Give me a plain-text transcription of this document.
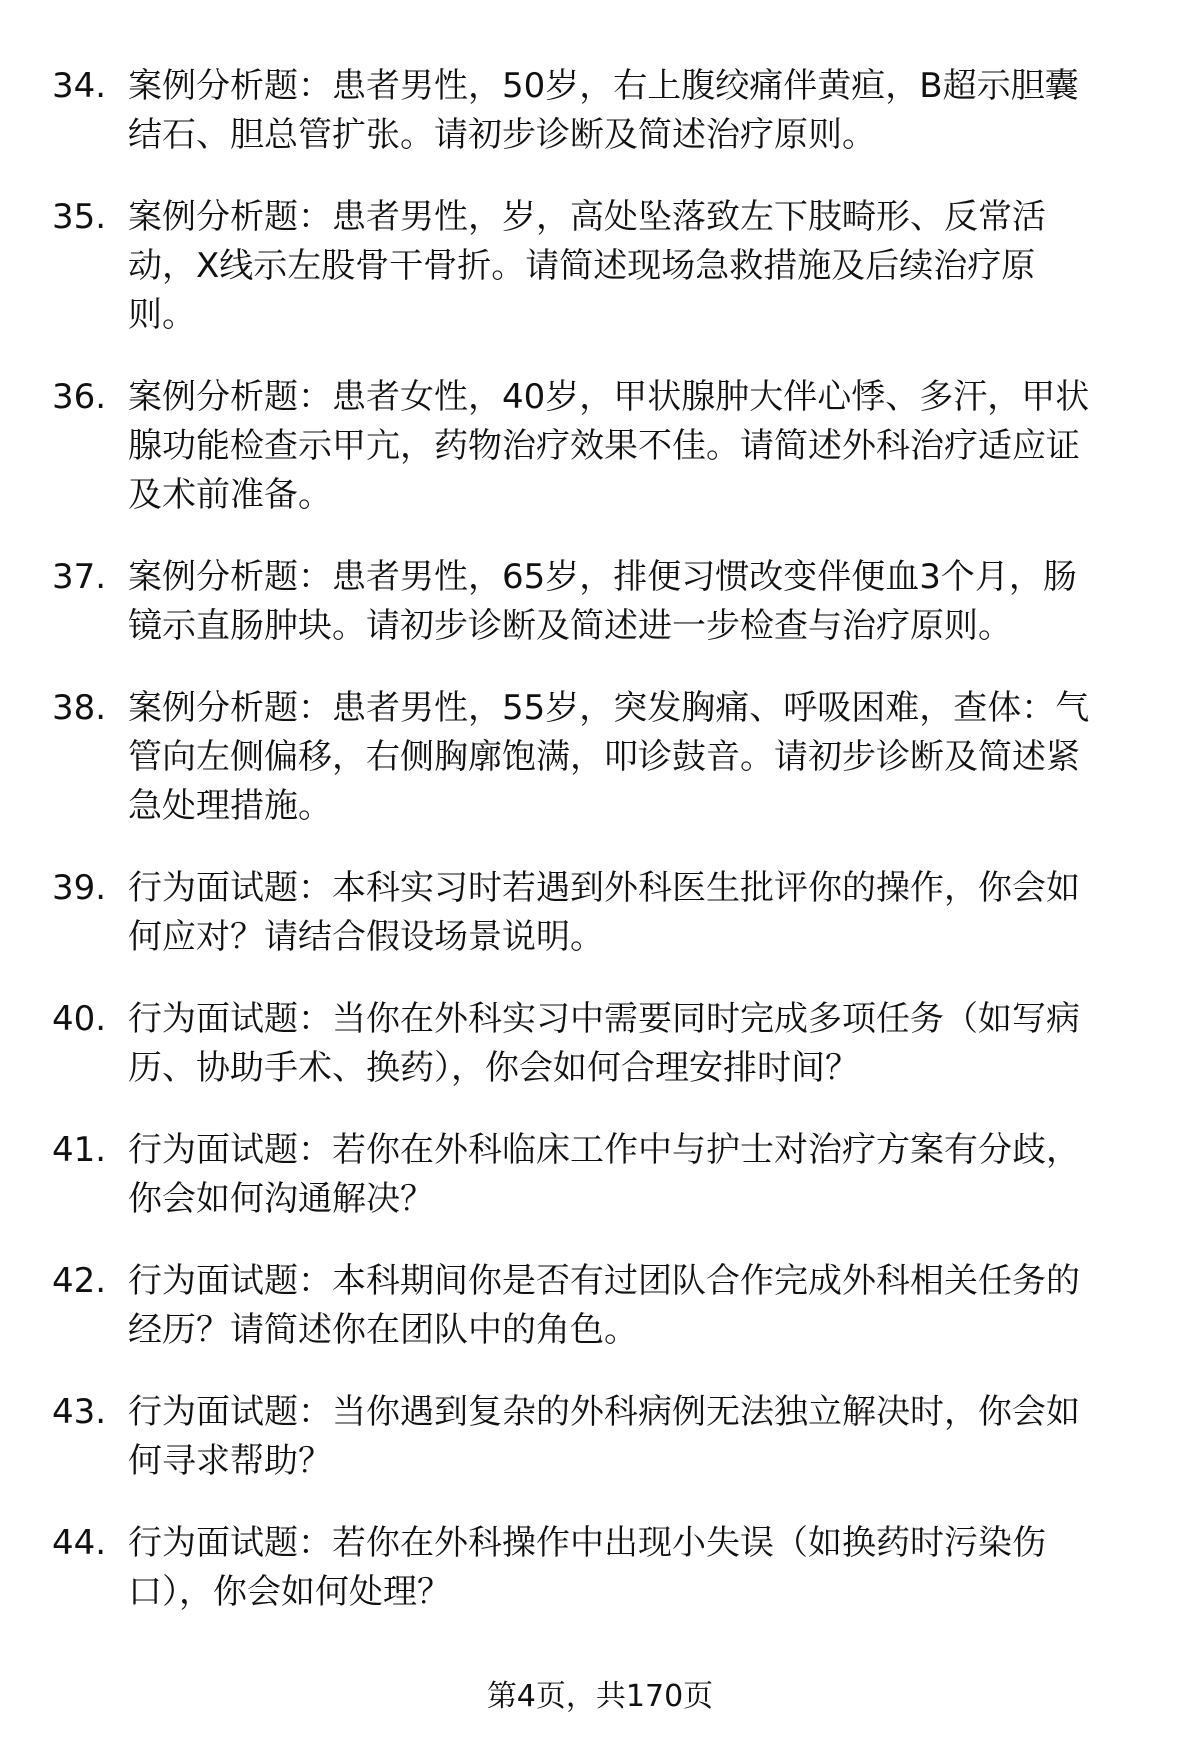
34. 案例分析题：患者男性，50岁，右上腹绞痛伴黄疸，B超示胆囊
结石、胆总管扩张。请初步诊断及简述治疗原则。
35. 案例分析题：患者男性，岁，高处坠落致左下肢畸形、反常活
动，X线示左股骨干骨折。请简述现场急救措施及后续治疗原
则。
36. 案例分析题：患者女性，40岁，甲状腺肿大伴心悸、多汗，甲状
腺功能检查示甲亢，药物治疗效果不佳。请简述外科治疗适应证
及术前准备。
37. 案例分析题：患者男性，65岁，排便习惯改变伴便血3个月，肠
镜示直肠肿块。请初步诊断及简述进一步检查与治疗原则。
38. 案例分析题：患者男性，55岁，突发胸痛、呼吸困难，查体：气
管向左侧偏移，右侧胸廓饱满，叩诊鼓音。请初步诊断及简述紧
急处理措施。
39. 行为面试题：本科实习时若遇到外科医生批评你的操作，你会如
何应对？请结合假设场景说明。
40. 行为面试题：当你在外科实习中需要同时完成多项任务（如写病
历、协助手术、换药），你会如何合理安排时间？
41. 行为面试题：若你在外科临床工作中与护士对治疗方案有分歧，
你会如何沟通解决？
42. 行为面试题：本科期间你是否有过团队合作完成外科相关任务的
经历？请简述你在团队中的角色。
43. 行为面试题：当你遇到复杂的外科病例无法独立解决时，你会如
何寻求帮助？
44. 行为面试题：若你在外科操作中出现小失误（如换药时污染伤
口），你会如何处理？
第4页，共170页
